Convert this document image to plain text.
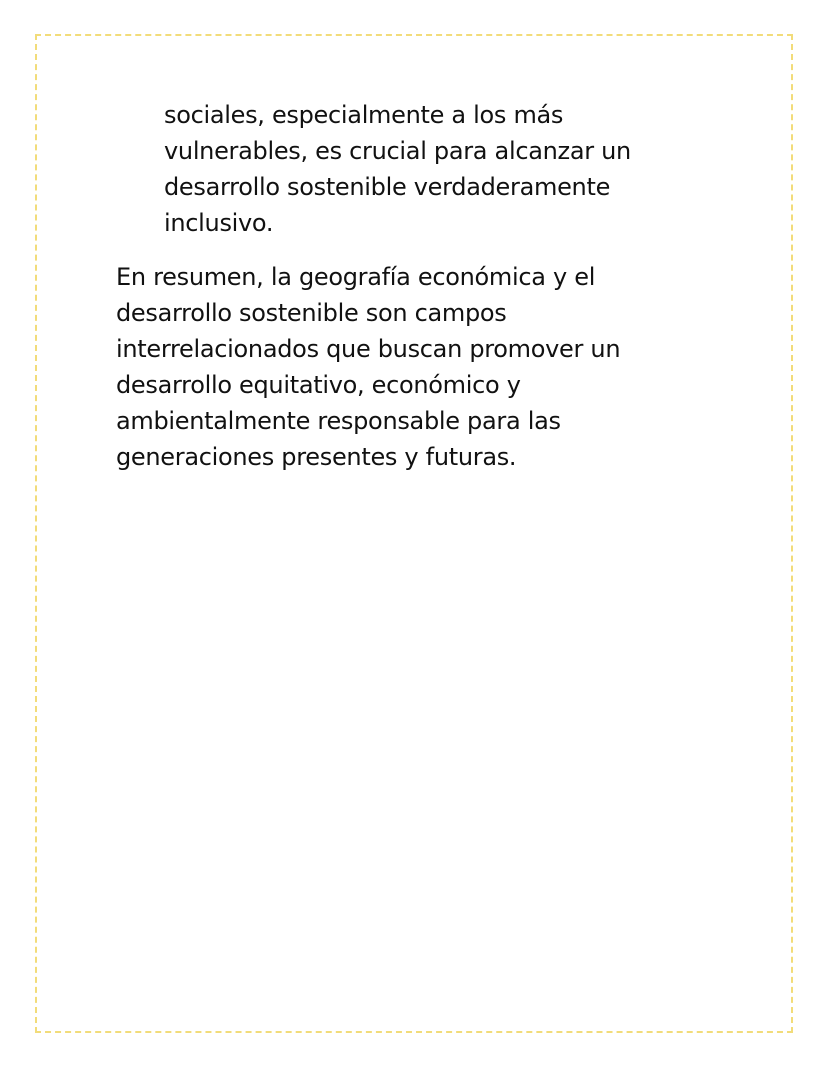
sociales, especialmente a los más
vulnerables, es crucial para alcanzar un
desarrollo sostenible verdaderamente
inclusivo.
En resumen, la geografía económica y el
desarrollo sostenible son campos
interrelacionados que buscan promover un
desarrollo equitativo, económico y
ambientalmente responsable para las
generaciones presentes y futuras.
